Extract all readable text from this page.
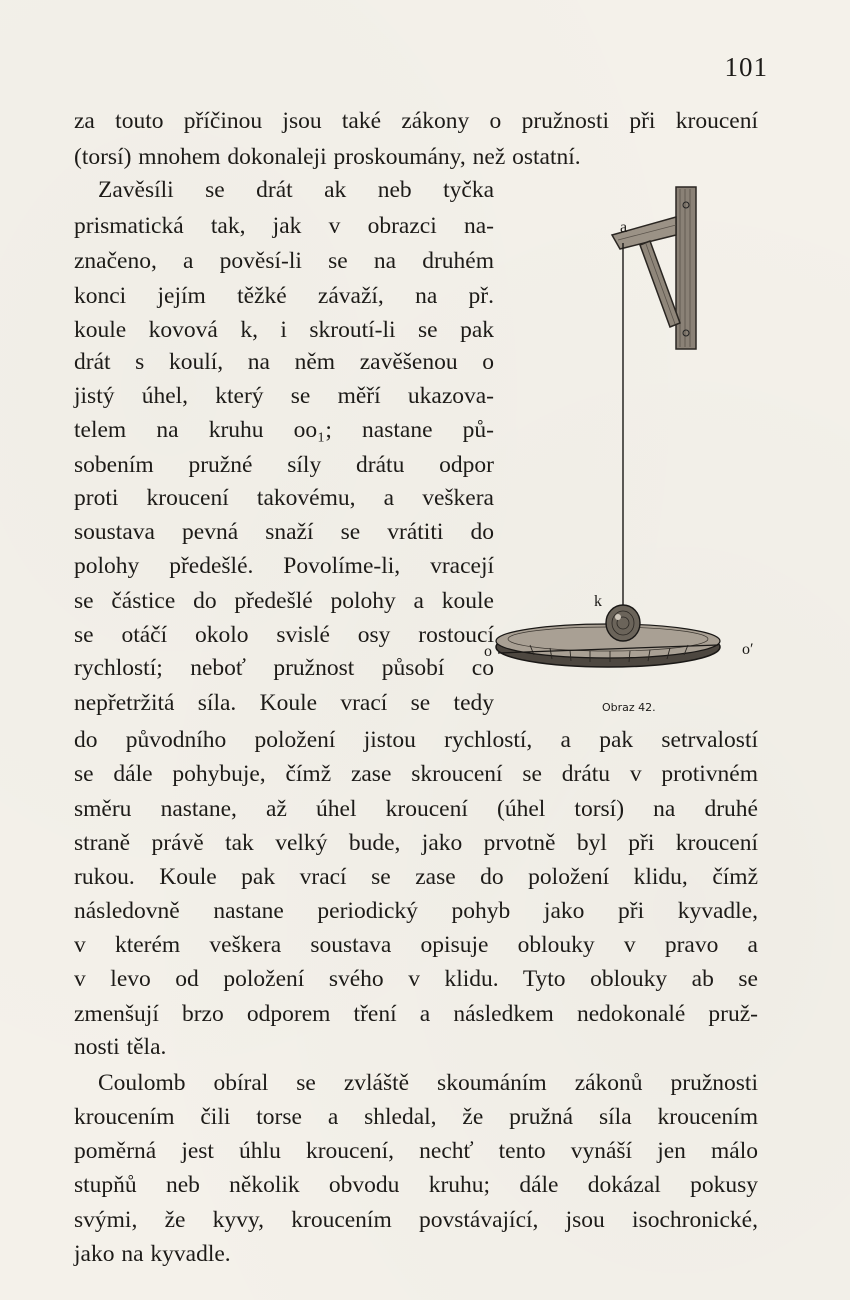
101
za touto příčinou jsou také zákony o pružnosti při kroucení
(torsí) mnohem dokonaleji proskoumány, než ostatní.
Zavěsíli se drát ak neb tyčka
prismatická tak, jak v obrazci na-
značeno, a pověsí-li se na druhém
konci jejím těžké závaží, na př.
koule kovová k, i skroutí-li se pak
drát s koulí, na něm zavěšenou o
jistý úhel, který se měří ukazova-
telem na kruhu oo₁; nastane pů-
sobením pružné síly drátu odpor
proti kroucení takovému, a veškera
soustava pevná snaží se vrátiti do
polohy předešlé. Povolíme-li, vracejí
se částice do předešlé polohy a koule
se otáčí okolo svislé osy rostoucí
rychlostí; neboť pružnost působí co
nepřetržitá síla. Koule vrací se tedy
do původního položení jistou rychlostí, a pak setrvalostí
se dále pohybuje, čímž zase skroucení se drátu v protivném
směru nastane, až úhel kroucení (úhel torsí) na druhé
straně právě tak velký bude, jako prvotně byl při kroucení
rukou. Koule pak vrací se zase do položení klidu, čímž
následovně nastane periodický pohyb jako při kyvadle,
v kterém veškera soustava opisuje oblouky v pravo a
v levo od položení svého v klidu. Tyto oblouky ab se
zmenšují brzo odporem tření a následkem nedokonalé pruž-
nosti těla.
Coulomb obíral se zvláště skoumáním zákonů pružnosti
kroucením čili torse a shledal, že pružná síla kroucením
poměrná jest úhlu kroucení, nechť tento vynáší jen málo
stupňů neb několik obvodu kruhu; dále dokázal pokusy
svými, že kyvy, kroucením povstávající, jsou isochronické,
jako na kyvadle.
a
k
o	o′
Obraz 42.
